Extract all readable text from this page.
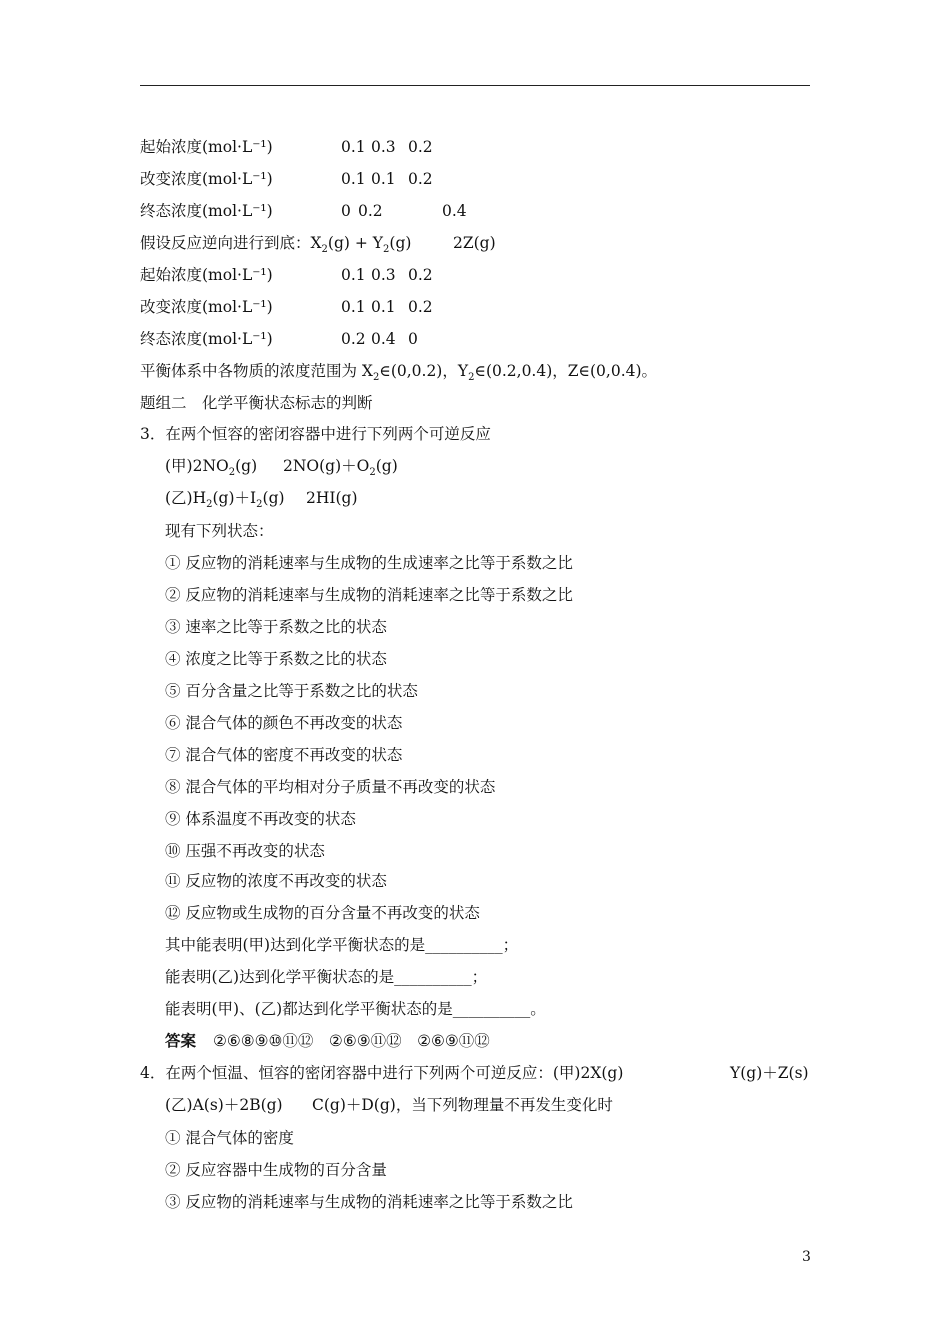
起始浓度(mol·L⁻¹)	0.1 0.3 0.2
改变浓度(mol·L⁻¹)	0.1 0.1 0.2
终态浓度(mol·L⁻¹)	0 0.2	0.4
假设反应逆向进行到底：$X_2(g) + Y_2(g)$	2Z(g)
起始浓度(mol·L⁻¹)	0.1 0.3 0.2
改变浓度(mol·L⁻¹)	0.1 0.1 0.2
终态浓度(mol·L⁻¹)	0.2 0.4 0
平衡体系中各物质的浓度范围为 $X_2\in(0,0.2)$，$Y_2\in(0.2,0.4)$，Z∈(0,0.4)。
题组二　化学平衡状态标志的判断
3．在两个恒容的密闭容器中进行下列两个可逆反应
(甲)$2NO_2(g)$ $2NO(g)+O_2(g)$
(乙)$H_2(g)+I_2(g)$ 2HI(g)
现有下列状态：
① 反应物的消耗速率与生成物的生成速率之比等于系数之比
② 反应物的消耗速率与生成物的消耗速率之比等于系数之比
③ 速率之比等于系数之比的状态
④ 浓度之比等于系数之比的状态
⑤ 百分含量之比等于系数之比的状态
⑥ 混合气体的颜色不再改变的状态
⑦ 混合气体的密度不再改变的状态
⑧ 混合气体的平均相对分子质量不再改变的状态
⑨ 体系温度不再改变的状态
⑩ 压强不再改变的状态
⑪ 反应物的浓度不再改变的状态
⑫ 反应物或生成物的百分含量不再改变的状态
其中能表明(甲)达到化学平衡状态的是__________；
能表明(乙)达到化学平衡状态的是__________；
能表明(甲)、(乙)都达到化学平衡状态的是__________。
答案 ②⑥⑧⑨⑩⑪⑫　②⑥⑨⑪⑫　②⑥⑨⑪⑫
4．在两个恒温、恒容的密闭容器中进行下列两个可逆反应：(甲)2X(g)	Y(g)＋Z(s)
(乙)A(s)＋2B(g) C(g)＋D(g)，当下列物理量不再发生变化时
① 混合气体的密度
② 反应容器中生成物的百分含量
③ 反应物的消耗速率与生成物的消耗速率之比等于系数之比
3
